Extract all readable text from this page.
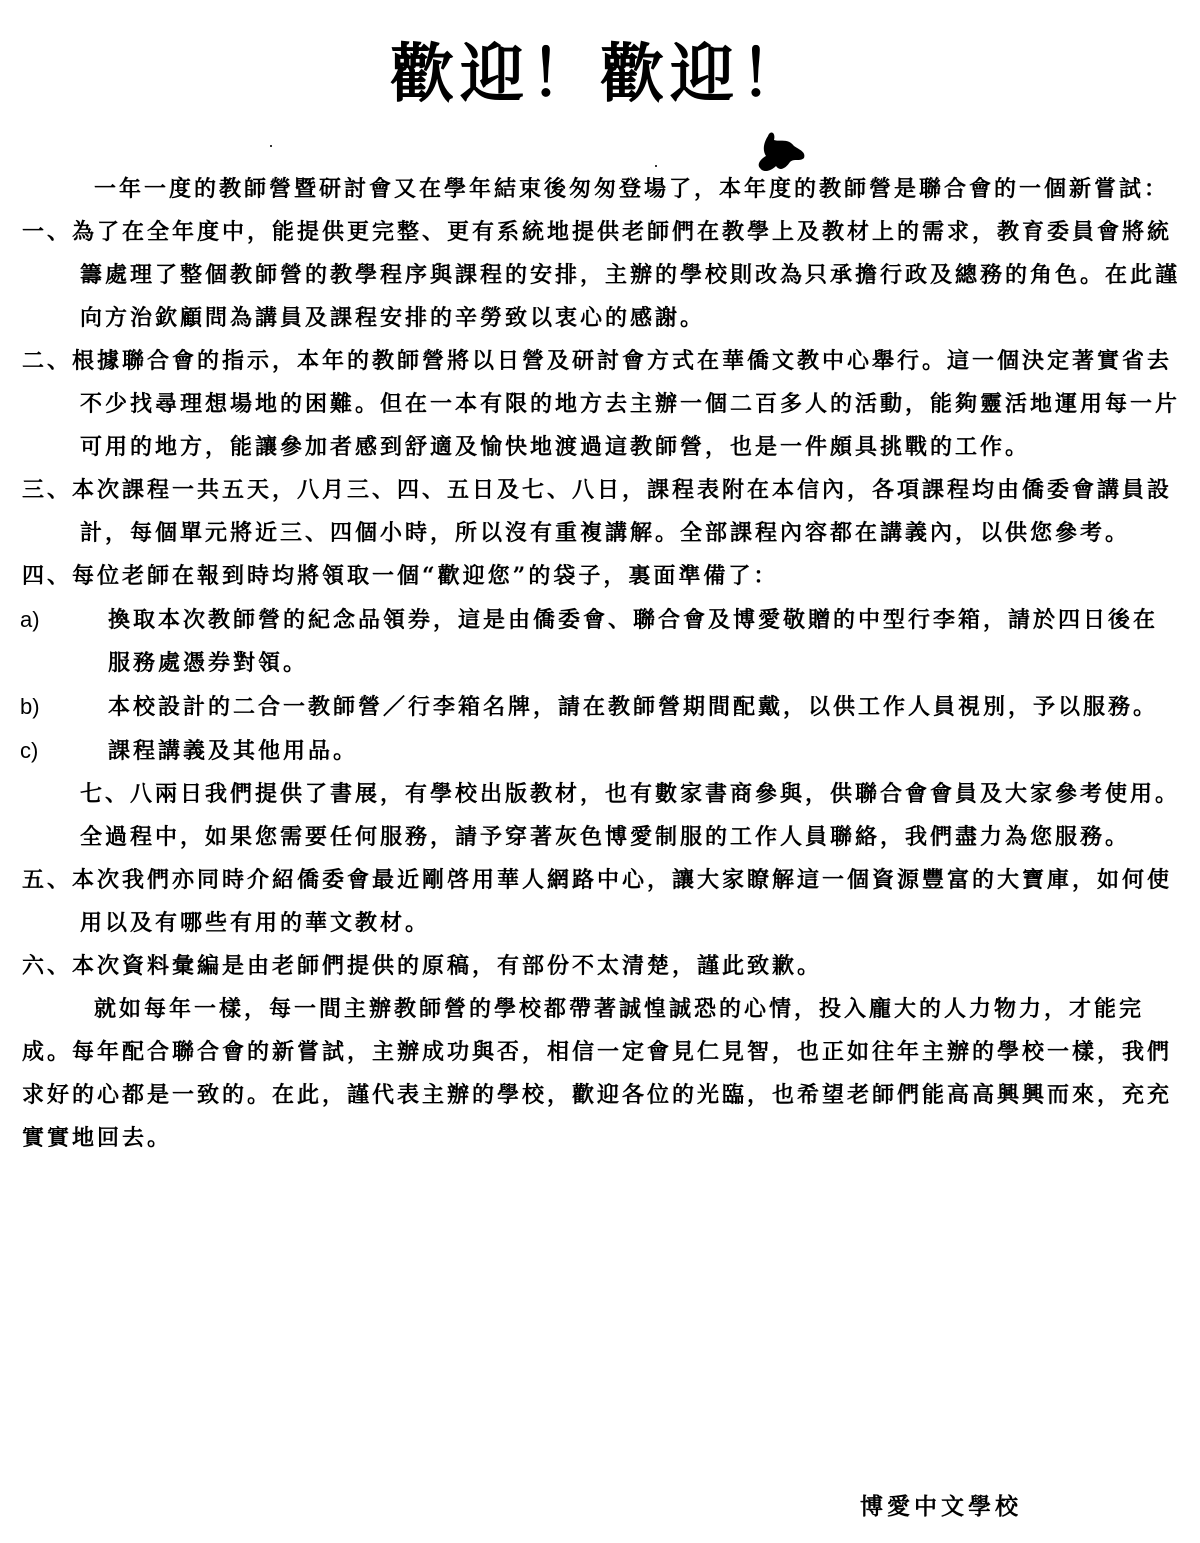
歡迎！歡迎！

一年一度的教師營暨研討會又在學年結束後匆匆登場了，本年度的教師營是聯合會的一個新嘗試：

一、為了在全年度中，能提供更完整、更有系統地提供老師們在教學上及教材上的需求，教育委員會將統籌處理了整個教師營的教學程序與課程的安排，主辦的學校則改為只承擔行政及總務的角色。在此謹向方治欽顧問為講員及課程安排的辛勞致以衷心的感謝。

二、根據聯合會的指示，本年的教師營將以日營及研討會方式在華僑文教中心舉行。這一個決定著實省去不少找尋理想場地的困難。但在一本有限的地方去主辦一個二百多人的活動，能夠靈活地運用每一片可用的地方，能讓參加者感到舒適及愉快地渡過這教師營，也是一件頗具挑戰的工作。

三、本次課程一共五天，八月三、四、五日及七、八日，課程表附在本信內，各項課程均由僑委會講員設計，每個單元將近三、四個小時，所以沒有重複講解。全部課程內容都在講義內，以供您參考。

四、每位老師在報到時均將領取一個“歡迎您”的袋子，裏面準備了：

a)	換取本次教師營的紀念品領券，這是由僑委會、聯合會及博愛敬贈的中型行李箱，請於四日後在服務處憑券對領。

b)	本校設計的二合一教師營／行李箱名牌，請在教師營期間配戴，以供工作人員視別，予以服務。

c)	課程講義及其他用品。

七、八兩日我們提供了書展，有學校出版教材，也有數家書商參與，供聯合會會員及大家參考使用。

全過程中，如果您需要任何服務，請予穿著灰色博愛制服的工作人員聯絡，我們盡力為您服務。

五、本次我們亦同時介紹僑委會最近剛啓用華人網路中心，讓大家瞭解這一個資源豐富的大寶庫，如何使用以及有哪些有用的華文教材。

六、本次資料彙編是由老師們提供的原稿，有部份不太清楚，謹此致歉。

就如每年一樣，每一間主辦教師營的學校都帶著誠惶誠恐的心情，投入龐大的人力物力，才能完成。每年配合聯合會的新嘗試，主辦成功與否，相信一定會見仁見智，也正如往年主辦的學校一樣，我們求好的心都是一致的。在此，謹代表主辦的學校，歡迎各位的光臨，也希望老師們能高高興興而來，充充實實地回去。

博愛中文學校
